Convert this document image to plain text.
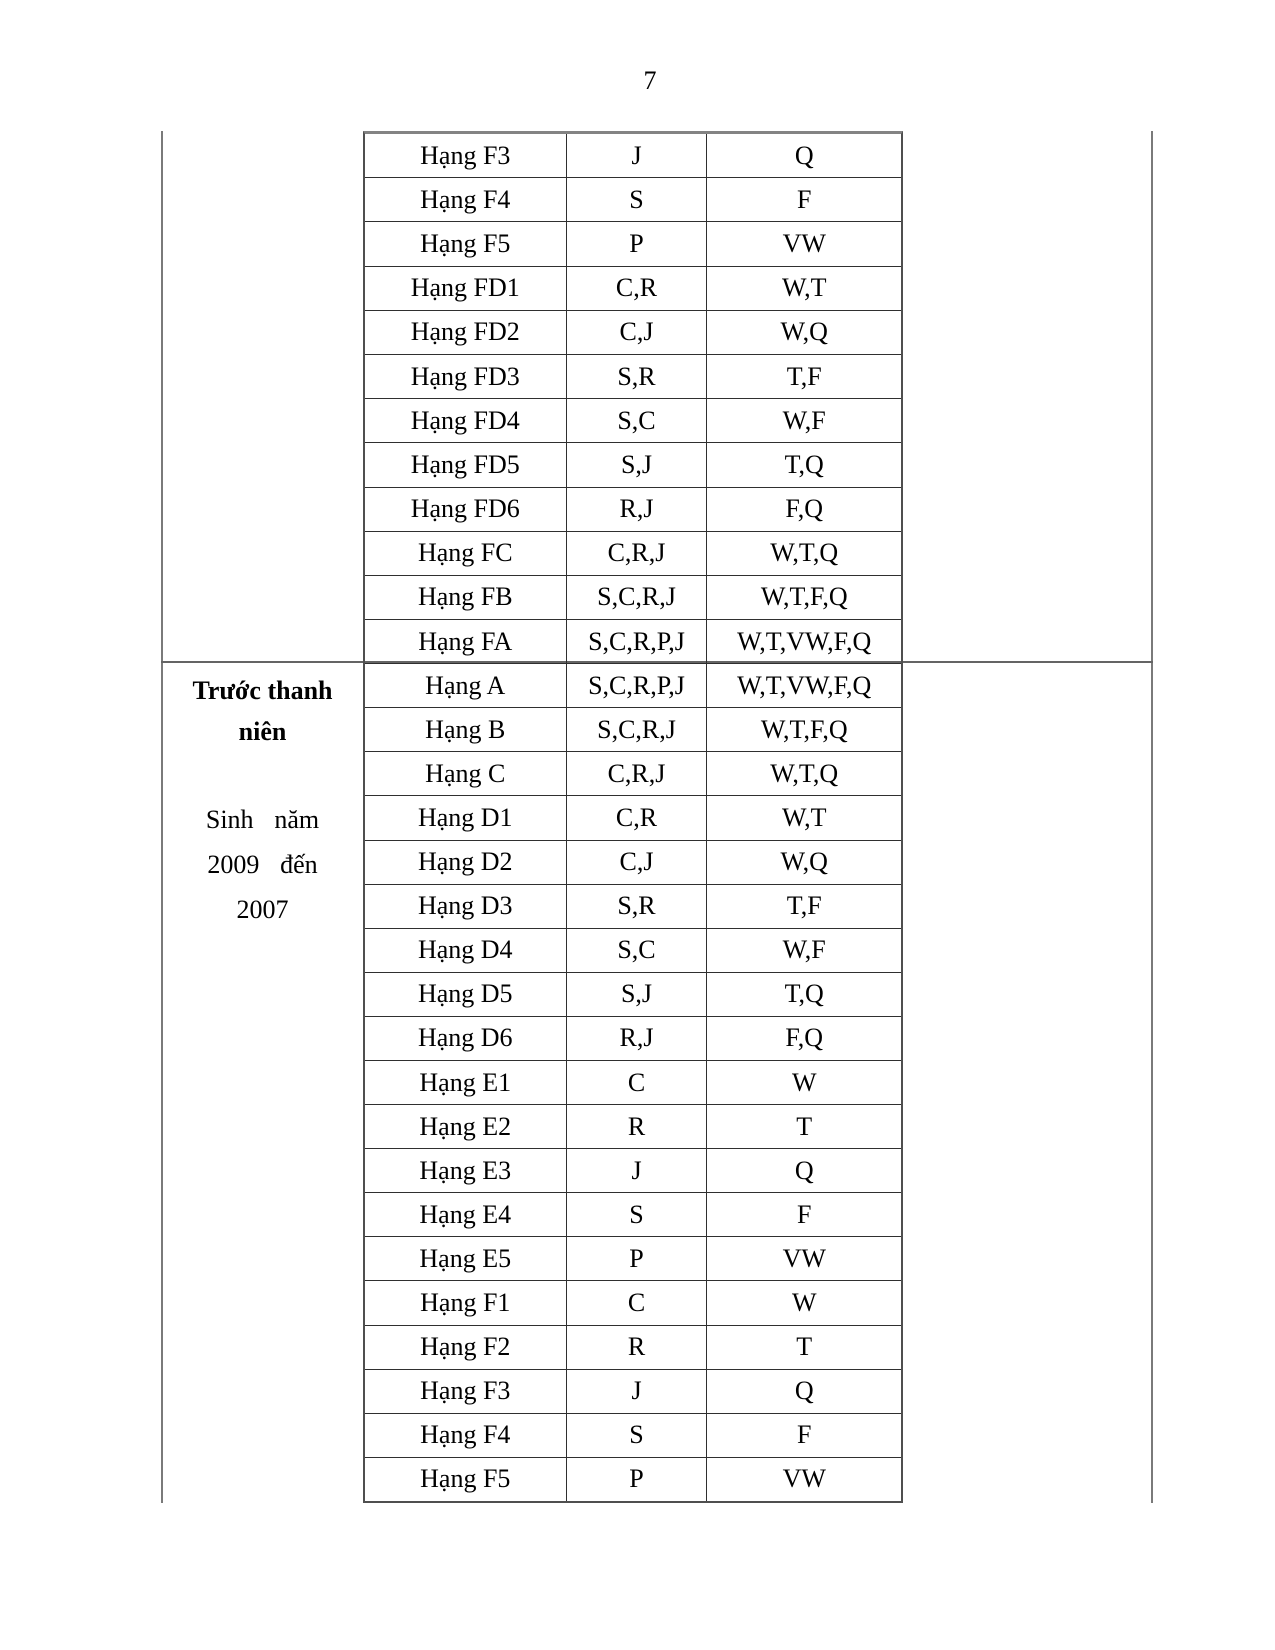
7
Trước thanh
niên
Sinh năm
2009 đến
2007
Hạng F3	J	Q
Hạng F4	S	F
Hạng F5	P	VW
Hạng FD1	C,R	W,T
Hạng FD2	C,J	W,Q
Hạng FD3	S,R	T,F
Hạng FD4	S,C	W,F
Hạng FD5	S,J	T,Q
Hạng FD6	R,J	F,Q
Hạng FC	C,R,J	W,T,Q
Hạng FB	S,C,R,J	W,T,F,Q
Hạng FA	S,C,R,P,J	W,T,VW,F,Q
Hạng A	S,C,R,P,J	W,T,VW,F,Q
Hạng B	S,C,R,J	W,T,F,Q
Hạng C	C,R,J	W,T,Q
Hạng D1	C,R	W,T
Hạng D2	C,J	W,Q
Hạng D3	S,R	T,F
Hạng D4	S,C	W,F
Hạng D5	S,J	T,Q
Hạng D6	R,J	F,Q
Hạng E1	C	W
Hạng E2	R	T
Hạng E3	J	Q
Hạng E4	S	F
Hạng E5	P	VW
Hạng F1	C	W
Hạng F2	R	T
Hạng F3	J	Q
Hạng F4	S	F
Hạng F5	P	VW
